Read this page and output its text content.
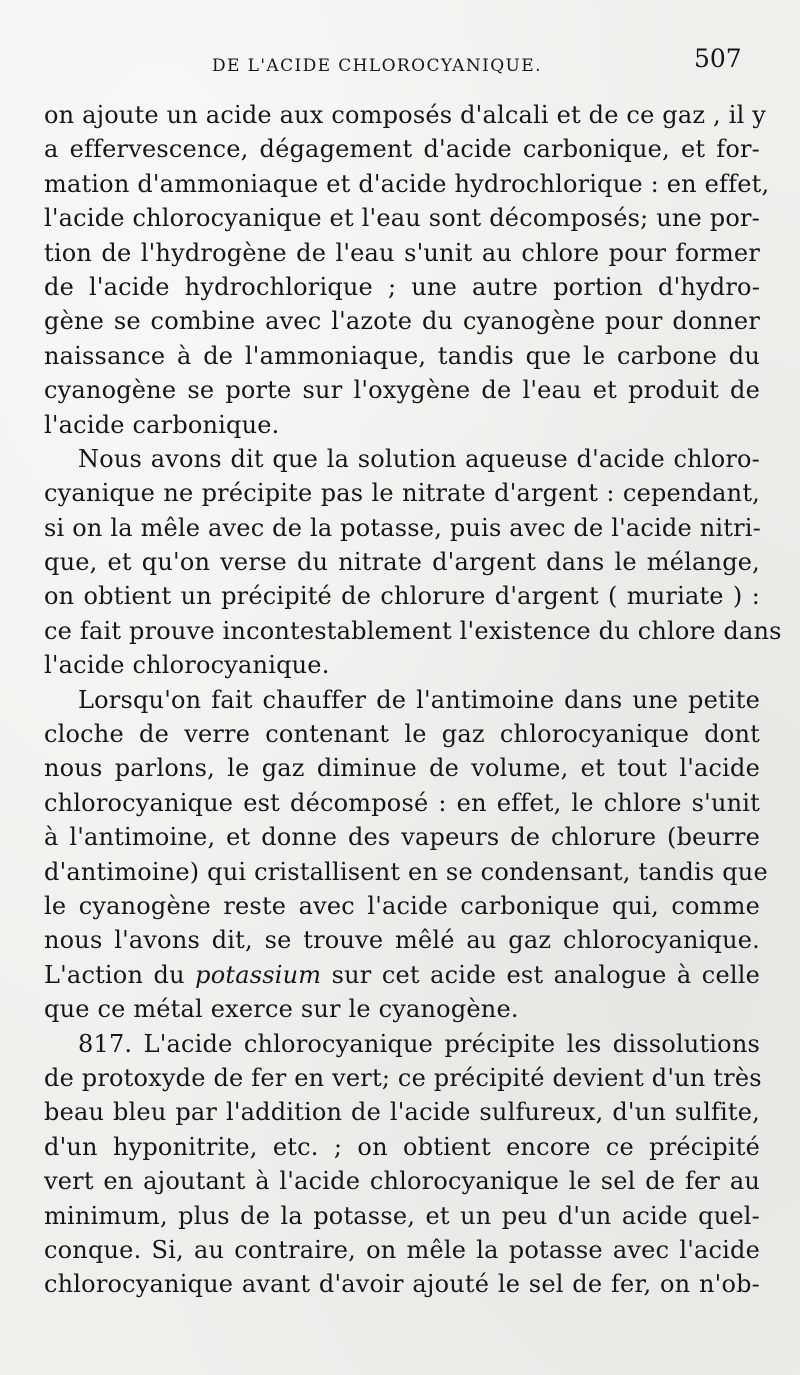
DE L'ACIDE CHLOROCYANIQUE.	507
on ajoute un acide aux composés d'alcali et de ce gaz , il y
a effervescence, dégagement d'acide carbonique, et for-
mation d'ammoniaque et d'acide hydrochlorique : en effet,
l'acide chlorocyanique et l'eau sont décomposés; une por-
tion de l'hydrogène de l'eau s'unit au chlore pour former
de l'acide hydrochlorique ; une autre portion d'hydro-
gène se combine avec l'azote du cyanogène pour donner
naissance à de l'ammoniaque, tandis que le carbone du
cyanogène se porte sur l'oxygène de l'eau et produit de
l'acide carbonique.
Nous avons dit que la solution aqueuse d'acide chloro-
cyanique ne précipite pas le nitrate d'argent : cependant,
si on la mêle avec de la potasse, puis avec de l'acide nitri-
que, et qu'on verse du nitrate d'argent dans le mélange,
on obtient un précipité de chlorure d'argent ( muriate ) :
ce fait prouve incontestablement l'existence du chlore dans
l'acide chlorocyanique.
Lorsqu'on fait chauffer de l'antimoine dans une petite
cloche de verre contenant le gaz chlorocyanique dont
nous parlons, le gaz diminue de volume, et tout l'acide
chlorocyanique est décomposé : en effet, le chlore s'unit
à l'antimoine, et donne des vapeurs de chlorure (beurre
d'antimoine) qui cristallisent en se condensant, tandis que
le cyanogène reste avec l'acide carbonique qui, comme
nous l'avons dit, se trouve mêlé au gaz chlorocyanique.
L'action du potassium sur cet acide est analogue à celle
que ce métal exerce sur le cyanogène.
817. L'acide chlorocyanique précipite les dissolutions
de protoxyde de fer en vert; ce précipité devient d'un très
beau bleu par l'addition de l'acide sulfureux, d'un sulfite,
d'un hyponitrite, etc. ; on obtient encore ce précipité
vert en ajoutant à l'acide chlorocyanique le sel de fer au
minimum, plus de la potasse, et un peu d'un acide quel-
conque. Si, au contraire, on mêle la potasse avec l'acide
chlorocyanique avant d'avoir ajouté le sel de fer, on n'ob-
